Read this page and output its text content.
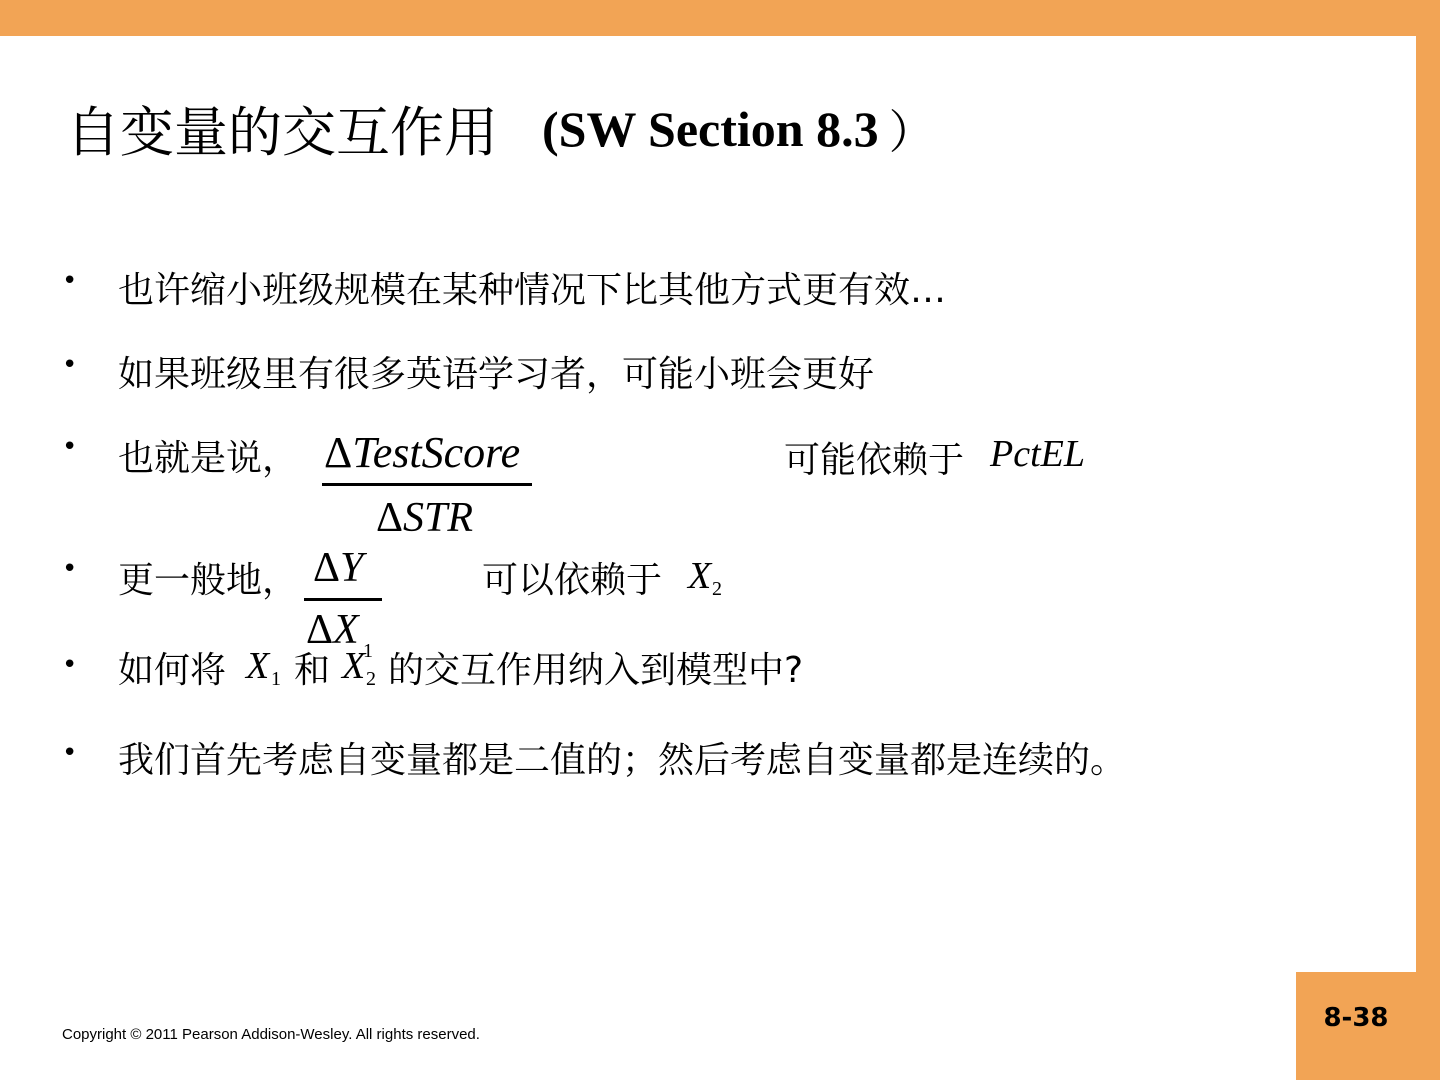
8-38
自变量的交互作用 (SW Section 8.3 ）
• 也许缩小班级规模在某种情况下比其他方式更有效…
• 如果班级里有很多英语学习者，可能小班会更好
• 也就是说， ΔTestScore
ΔSTR
可能依赖于 PctEL
• 更一般地， ΔY
ΔX 1
可以依赖于 X 2
• 如何将 X 1 和 X 2 的交互作用纳入到模型中?
• 我们首先考虑自变量都是二值的；然后考虑自变量都是连续的。
Copyright © 2011 Pearson Addison-Wesley. All rights reserved.
